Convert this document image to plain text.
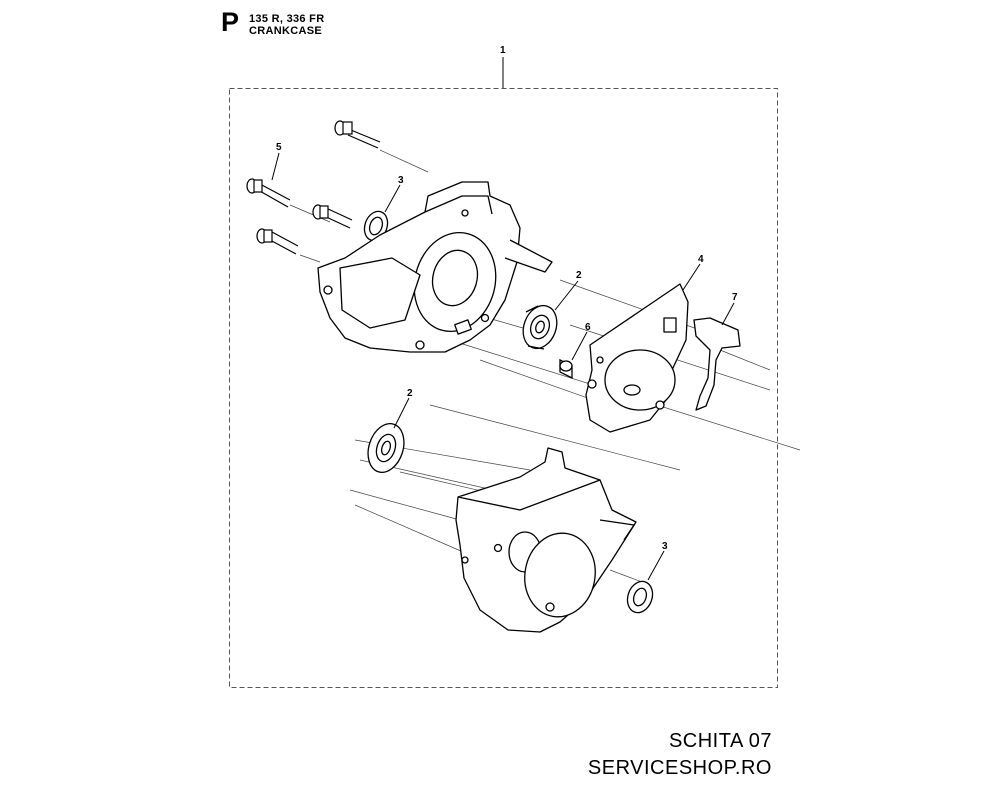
P 135 R, 336 FR
CRANKCASE
1
5
3
2
4
7
6
2
3
SCHITA 07
SERVICESHOP.RO
